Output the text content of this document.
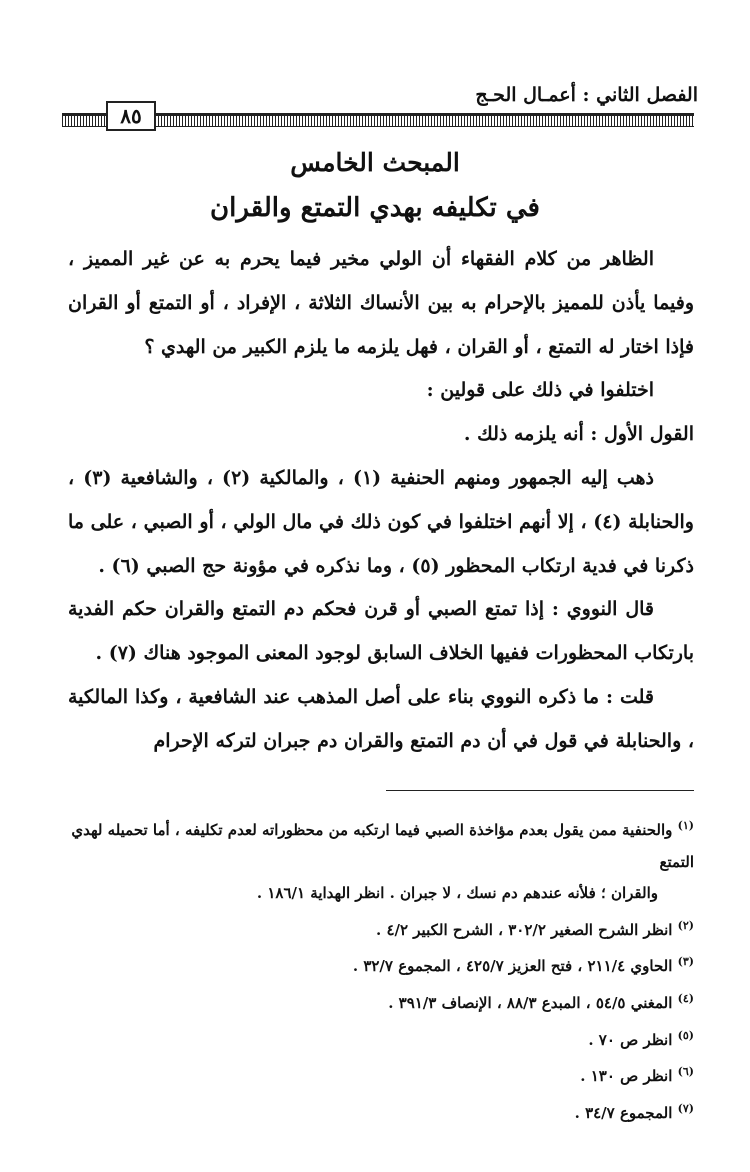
الفصل الثاني : أعمـال الحـج
٨٥
المبحث الخامس
في تكليفه بهدي التمتع والقران

الظاهر من كلام الفقهاء أن الولي مخير فيما يحرم به عن غير المميز ، وفيما يأذن للمميز بالإحرام به بين الأنساك الثلاثة ، الإفراد ، أو التمتع أو القران فإذا اختار له التمتع ، أو القران ، فهل يلزمه ما يلزم الكبير من الهدي ؟

اختلفوا في ذلك على قولين :

القول الأول : أنه يلزمه ذلك .

ذهب إليه الجمهور ومنهم الحنفية (١) ، والمالكية (٢) ، والشافعية (٣) ، والحنابلة (٤) ، إلا أنهم اختلفوا في كون ذلك في مال الولي ، أو الصبي ، على ما ذكرنا في فدية ارتكاب المحظور (٥) ، وما نذكره في مؤونة حج الصبي (٦) .

قال النووي : إذا تمتع الصبي أو قرن فحكم دم التمتع والقران حكم الفدية بارتكاب المحظورات ففيها الخلاف السابق لوجود المعنى الموجود هناك (٧) .

قلت : ما ذكره النووي بناء على أصل المذهب عند الشافعية ، وكذا المالكية ، والحنابلة في قول في أن دم التمتع والقران دم جبران لتركه الإحرام

$^{(١)}$ والحنفية ممن يقول بعدم مؤاخذة الصبي فيما ارتكبه من محظوراته لعدم تكليفه ، أما تحميله لهدي التمتع

والقران ؛ فلأنه عندهم دم نسك ، لا جبران . انظر الهداية ١٨٦/١ .

$^{(٢)}$ انظر الشرح الصغير ٣٠٢/٢ ، الشرح الكبير ٤/٢ .

$^{(٣)}$ الحاوي ٢١١/٤ ، فتح العزيز ٤٢٥/٧ ، المجموع ٣٢/٧ .

$^{(٤)}$ المغني ٥٤/٥ ، المبدع ٨٨/٣ ، الإنصاف ٣٩١/٣ .

$^{(٥)}$ انظر ص ٧٠ .

$^{(٦)}$ انظر ص ١٣٠ .

$^{(٧)}$ المجموع ٣٤/٧ .
